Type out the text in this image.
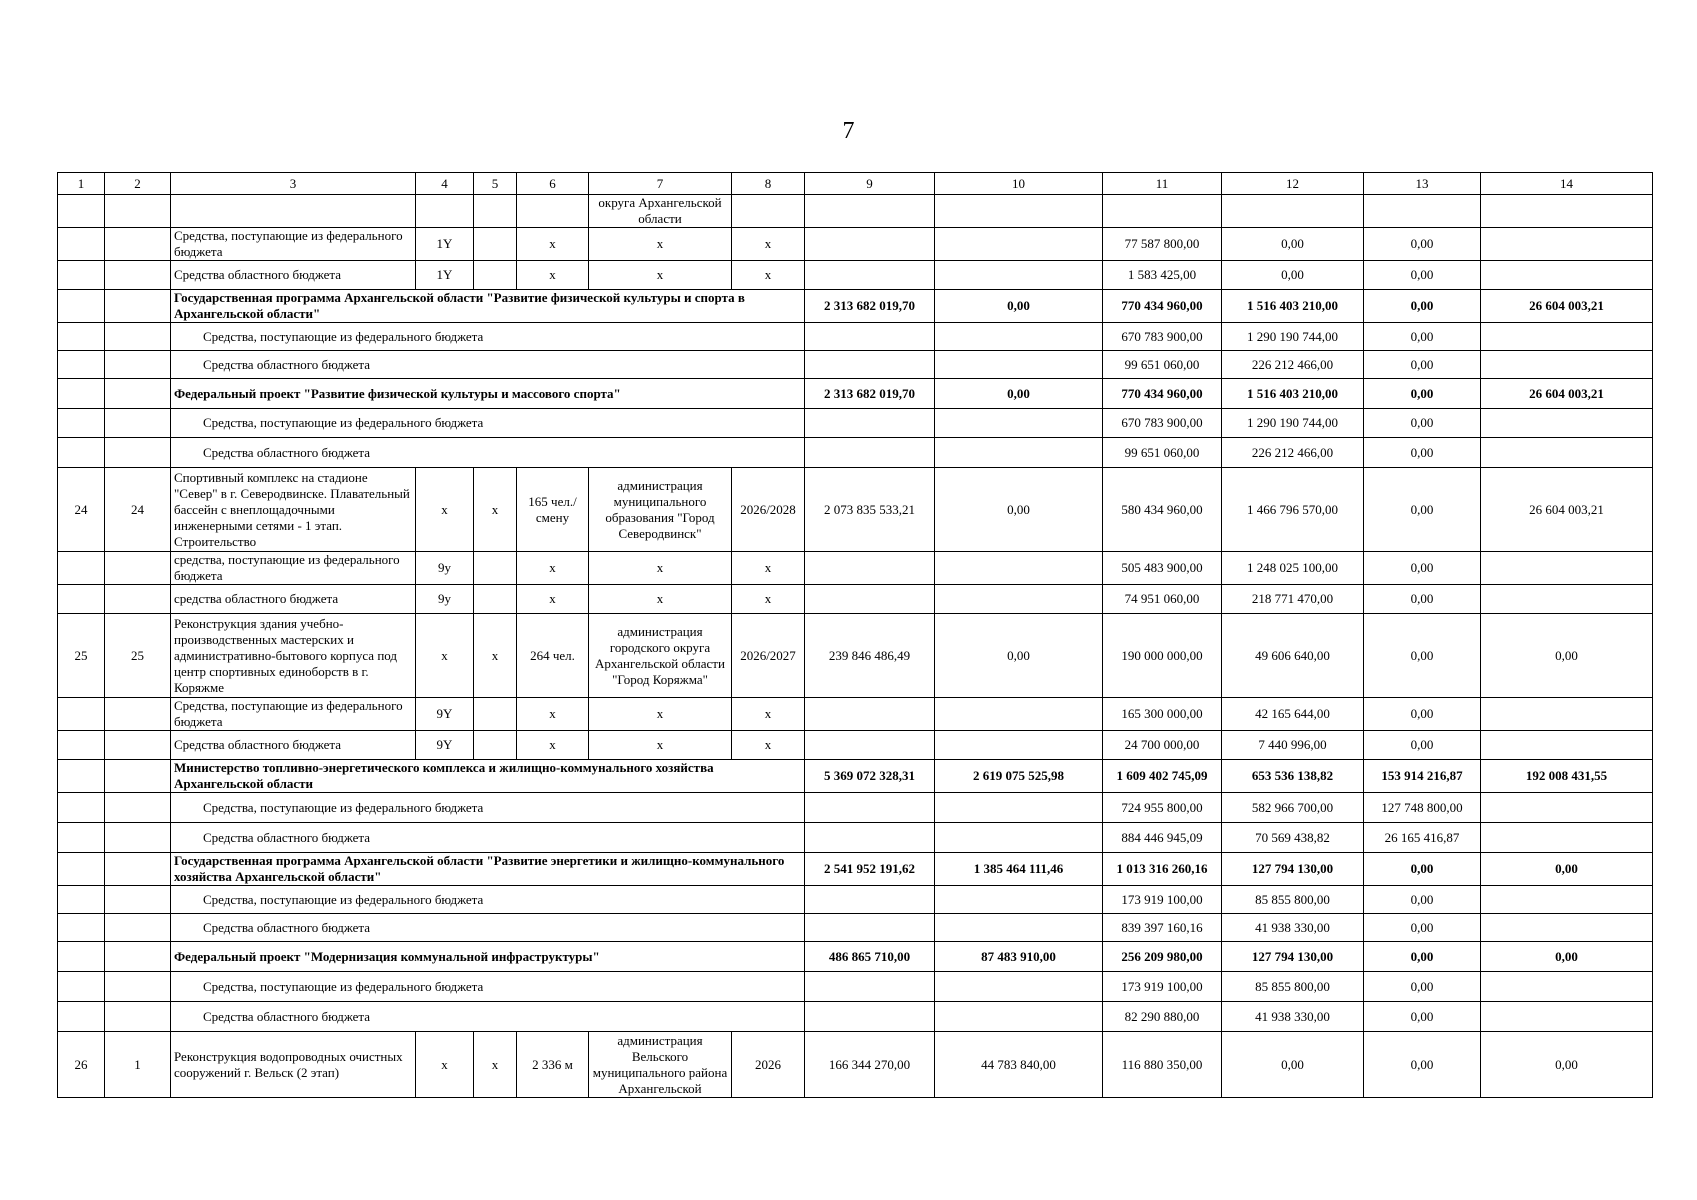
7
1	2	3	4	5	6	7	8	9	10	11	12	13	14
						округа Архангельской области							
		Средства, поступающие из федерального бюджета	1Y		х	х	х			77 587 800,00	0,00	0,00	
		Средства областного бюджета	1Y		х	х	х			1 583 425,00	0,00	0,00	
		Государственная программа Архангельской области "Развитие физической культуры и спорта в Архангельской области"						2 313 682 019,70	0,00	770 434 960,00	1 516 403 210,00	0,00	26 604 003,21
		Средства, поступающие из федерального бюджета								670 783 900,00	1 290 190 744,00	0,00	
		Средства областного бюджета								99 651 060,00	226 212 466,00	0,00	
		Федеральный проект "Развитие физической культуры и массового спорта"						2 313 682 019,70	0,00	770 434 960,00	1 516 403 210,00	0,00	26 604 003,21
		Средства, поступающие из федерального бюджета								670 783 900,00	1 290 190 744,00	0,00	
		Средства областного бюджета								99 651 060,00	226 212 466,00	0,00	
24	24	Спортивный комплекс на стадионе "Север" в г. Северодвинске. Плавательный бассейн с внеплощадочными инженерными сетями - 1 этап. Строительство	х	х	165 чел./смену	администрация муниципального образования "Город Северодвинск"	2026/2028	2 073 835 533,21	0,00	580 434 960,00	1 466 796 570,00	0,00	26 604 003,21
		средства, поступающие из федерального бюджета	9у		х	х	х			505 483 900,00	1 248 025 100,00	0,00	
		средства областного бюджета	9у		х	х	х			74 951 060,00	218 771 470,00	0,00	
25	25	Реконструкция здания учебно-производственных мастерских и административно-бытового корпуса под центр спортивных единоборств в г. Коряжме	х	х	264 чел.	администрация городского округа Архангельской области "Город Коряжма"	2026/2027	239 846 486,49	0,00	190 000 000,00	49 606 640,00	0,00	0,00
		Средства, поступающие из федерального бюджета	9Y		х	х	х			165 300 000,00	42 165 644,00	0,00	
		Средства областного бюджета	9Y		х	х	х			24 700 000,00	7 440 996,00	0,00	
		Министерство топливно-энергетического комплекса и жилищно-коммунального хозяйства Архангельской области						5 369 072 328,31	2 619 075 525,98	1 609 402 745,09	653 536 138,82	153 914 216,87	192 008 431,55
		Средства, поступающие из федерального бюджета								724 955 800,00	582 966 700,00	127 748 800,00	
		Средства областного бюджета								884 446 945,09	70 569 438,82	26 165 416,87	
		Государственная программа Архангельской области "Развитие энергетики и жилищно-коммунального хозяйства Архангельской области"						2 541 952 191,62	1 385 464 111,46	1 013 316 260,16	127 794 130,00	0,00	0,00
		Средства, поступающие из федерального бюджета								173 919 100,00	85 855 800,00	0,00	
		Средства областного бюджета								839 397 160,16	41 938 330,00	0,00	
		Федеральный проект "Модернизация коммунальной инфраструктуры"						486 865 710,00	87 483 910,00	256 209 980,00	127 794 130,00	0,00	0,00
		Средства, поступающие из федерального бюджета								173 919 100,00	85 855 800,00	0,00	
		Средства областного бюджета								82 290 880,00	41 938 330,00	0,00	
26	1	Реконструкция водопроводных очистных сооружений г. Вельск (2 этап)	х	х	2 336 м	администрация Вельского муниципального района Архангельской	2026	166 344 270,00	44 783 840,00	116 880 350,00	0,00	0,00	0,00
